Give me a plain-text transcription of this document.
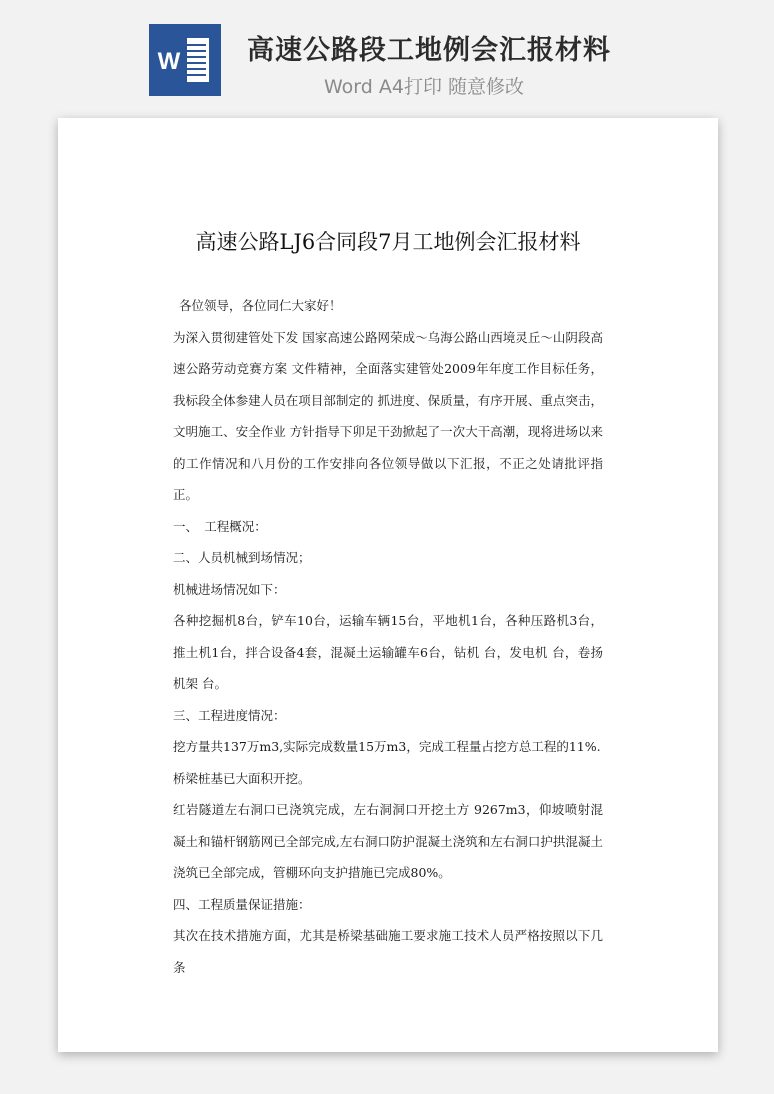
W 高速公路段工地例会汇报材料
Word A4打印 随意修改

高速公路LJ6合同段7月工地例会汇报材料

各位领导，各位同仁大家好！

为深入贯彻建管处下发 国家高速公路网荣成～乌海公路山西境灵丘～山阴段高速公路劳动竞赛方案 文件精神，全面落实建管处2009年年度工作目标任务，我标段全体参建人员在项目部制定的 抓进度、保质量，有序开展、重点突击，文明施工、安全作业 方针指导下卯足干劲掀起了一次大干高潮，现将进场以来的工作情况和八月份的工作安排向各位领导做以下汇报，不正之处请批评指正。

一、　工程概况：

二、人员机械到场情况；

机械进场情况如下：

各种挖掘机8台，铲车10台，运输车辆15台，平地机1台，各种压路机3台，推土机1台，拌合设备4套，混凝土运输罐车6台，钻机 台，发电机 台，卷扬机架 台。

三、工程进度情况：

挖方量共137万m3,实际完成数量15万m3，完成工程量占挖方总工程的11%.

桥梁桩基已大面积开挖。

红岩隧道左右洞口已浇筑完成，左右洞洞口开挖土方 9267m3，仰坡喷射混凝土和锚杆钢筋网已全部完成,左右洞口防护混凝土浇筑和左右洞口护拱混凝土浇筑已全部完成，管棚环向支护措施已完成80%。

四、工程质量保证措施：

其次在技术措施方面，尤其是桥梁基础施工要求施工技术人员严格按照以下几条
